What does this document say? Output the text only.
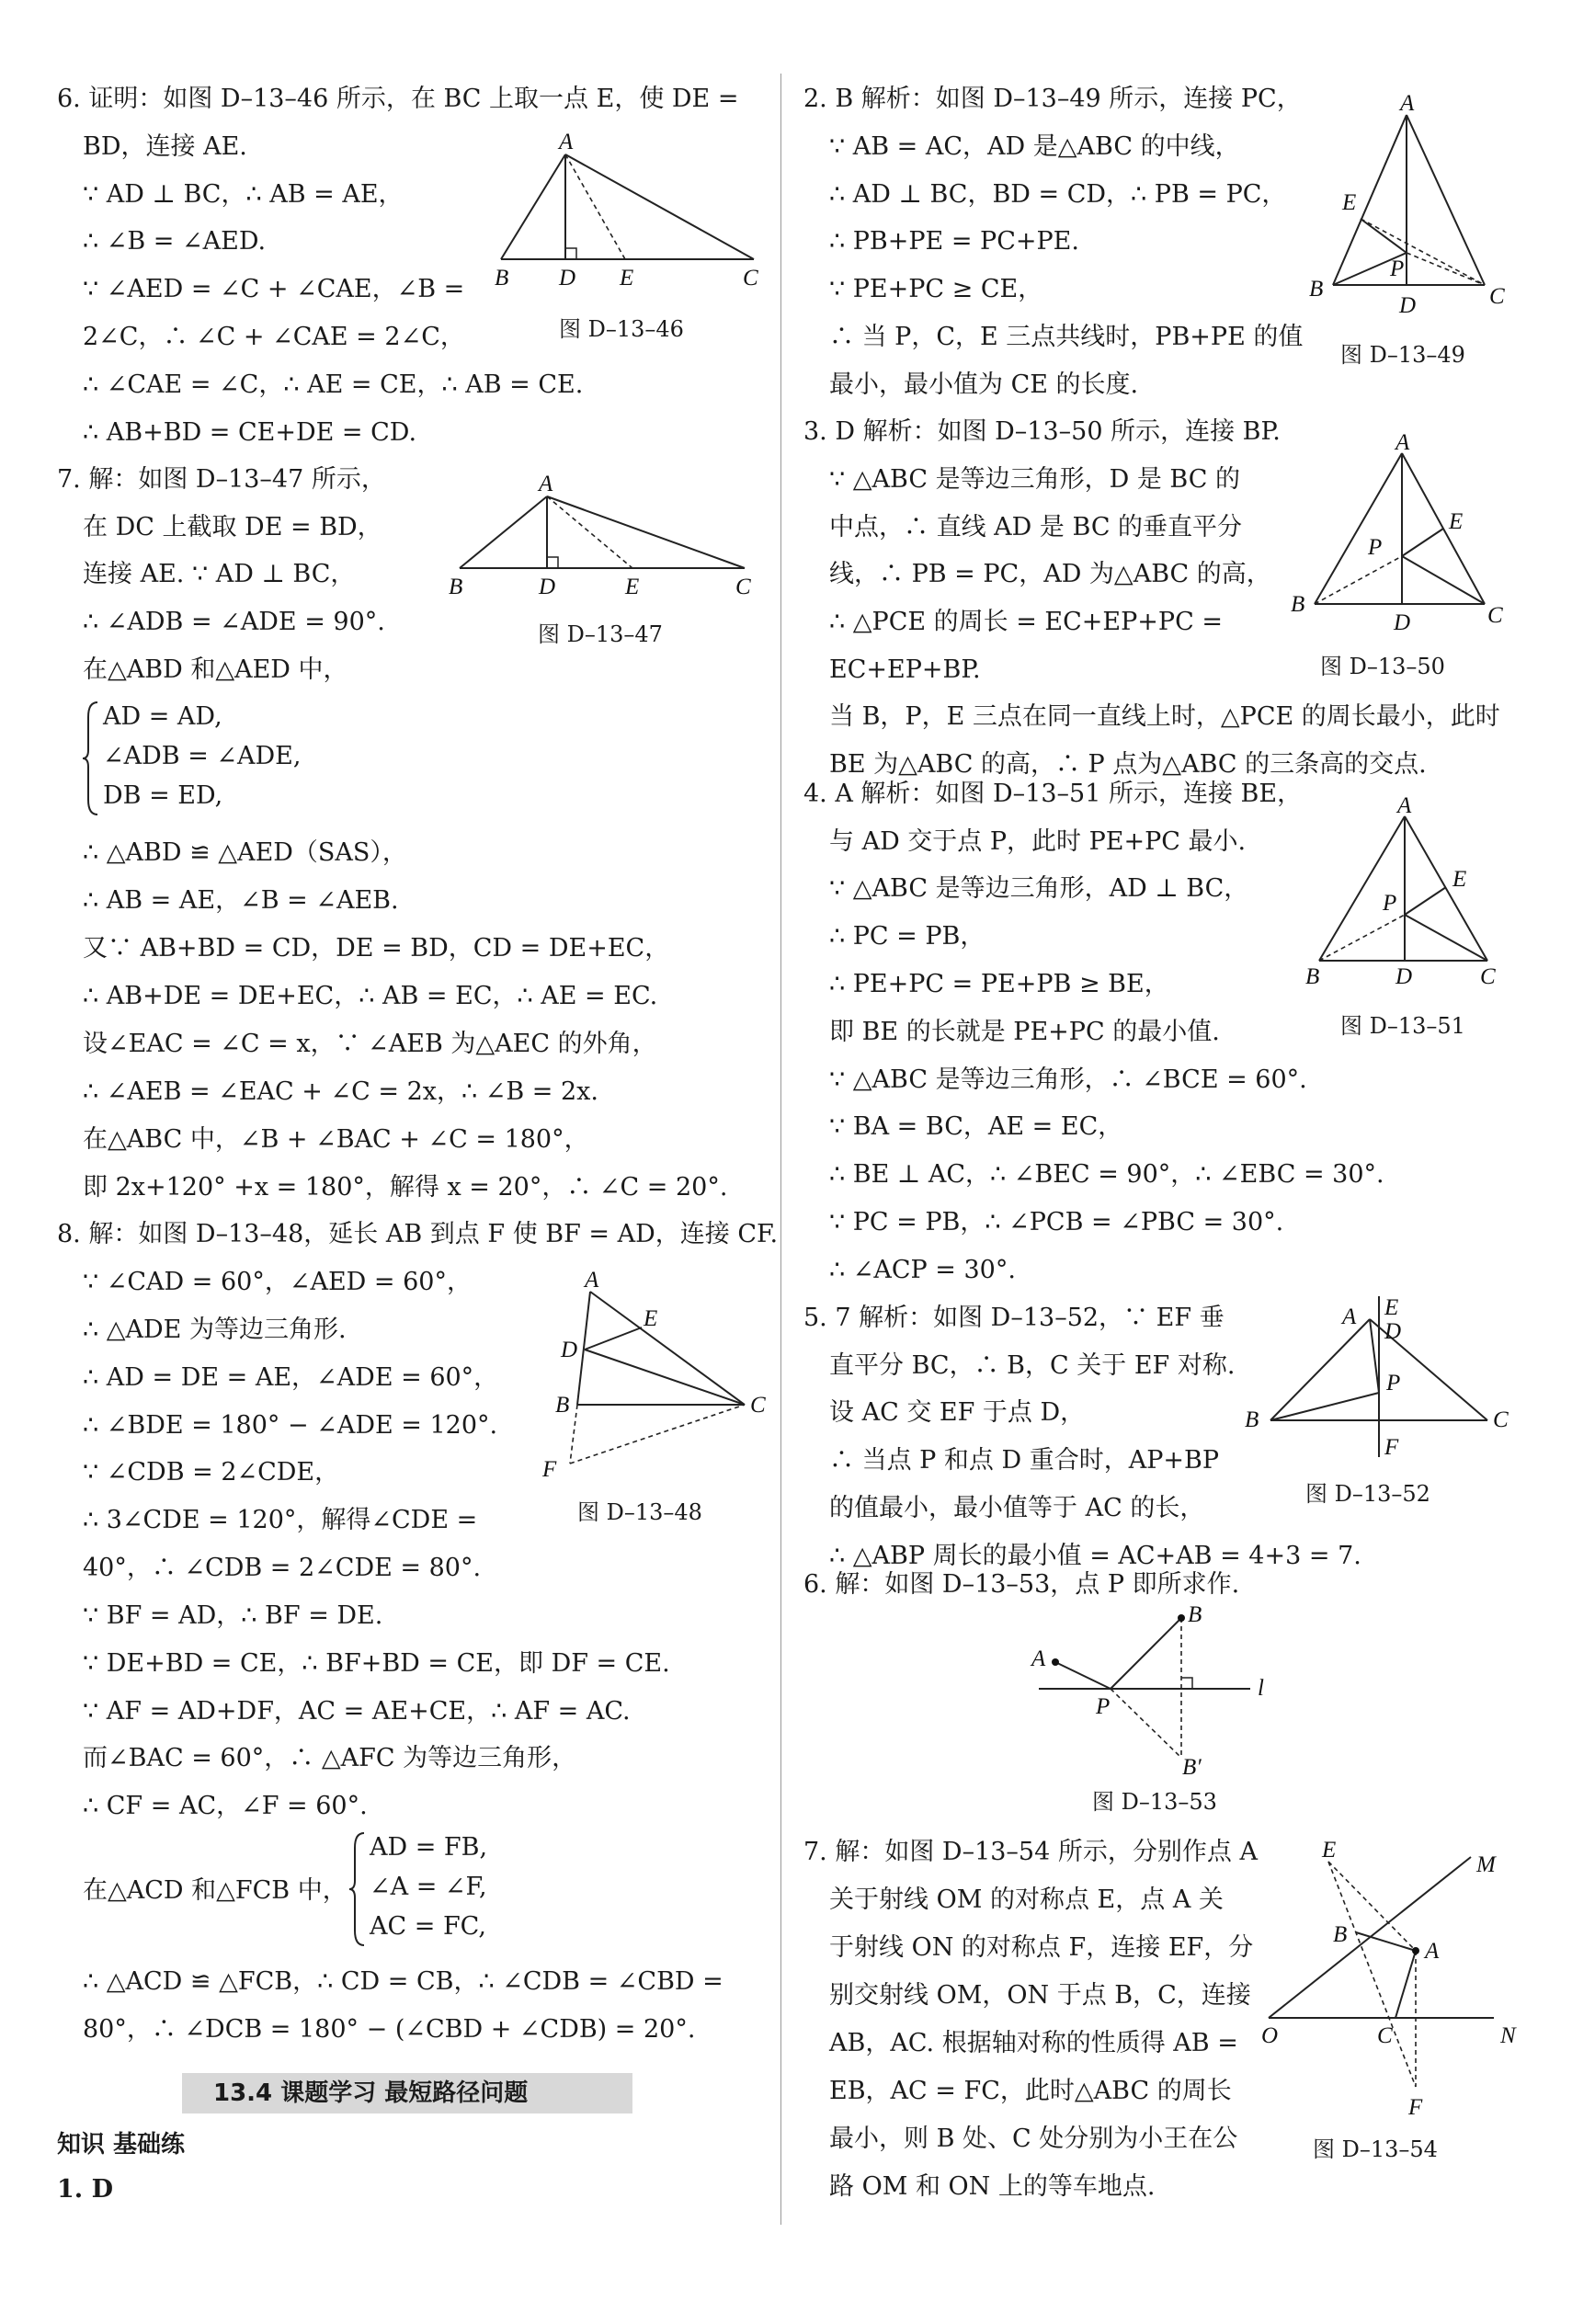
6. 证明：如图 D–13–46 所示，在 BC 上取一点 E，使 DE =
BD，连接 AE.
∵ AD ⊥ BC，∴ AB = AE，
∴ ∠B = ∠AED.
∵ ∠AED = ∠C + ∠CAE，∠B =
2∠C，∴ ∠C + ∠CAE = 2∠C，
∴ ∠CAE = ∠C，∴ AE = CE，∴ AB = CE.
∴ AB+BD = CE+DE = CD.
A
B D E	C
图 D–13–46
7. 解：如图 D–13–47 所示，
在 DC 上截取 DE = BD，
连接 AE. ∵ AD ⊥ BC，
∴ ∠ADB = ∠ADE = 90°.
在△ABD 和△AED 中，
AD = AD,
∠ADB = ∠ADE,
DB = ED,
∴ △ABD ≌ △AED（SAS），
∴ AB = AE，∠B = ∠AEB.
又∵ AB+BD = CD，DE = BD，CD = DE+EC，
∴ AB+DE = DE+EC，∴ AB = EC，∴ AE = EC.
设∠EAC = ∠C = x，∵ ∠AEB 为△AEC 的外角，
∴ ∠AEB = ∠EAC + ∠C = 2x，∴ ∠B = 2x.
在△ABC 中，∠B + ∠BAC + ∠C = 180°，
即 2x+120° +x = 180°，解得 x = 20°，∴ ∠C = 20°.
A
B	D	E	C
图 D–13–47
8. 解：如图 D–13–48，延长 AB 到点 F 使 BF = AD，连接 CF.
∵ ∠CAD = 60°，∠AED = 60°，
∴ △ADE 为等边三角形.
∴ AD = DE = AE，∠ADE = 60°，
∴ ∠BDE = 180° − ∠ADE = 120°.
∵ ∠CDB = 2∠CDE，
∴ 3∠CDE = 120°，解得∠CDE =
40°，∴ ∠CDB = 2∠CDE = 80°.
∵ BF = AD，∴ BF = DE.
∵ DE+BD = CE，∴ BF+BD = CE，即 DF = CE.
∵ AF = AD+DF，AC = AE+CE，∴ AF = AC.
而∠BAC = 60°，∴ △AFC 为等边三角形，
∴ CF = AC，∠F = 60°.
在△ACD 和△FCB 中，
AD = FB,
∠A = ∠F,
AC = FC,
∴ △ACD ≌ △FCB，∴ CD = CB，∴ ∠CDB = ∠CBD =
80°，∴ ∠DCB = 180° − (∠CBD + ∠CDB) = 20°.
A
E
D
B	C
F
图 D–13–48
13.4 课题学习 最短路径问题
知识 基础练
1. D
2. B 解析：如图 D–13–49 所示，连接 PC，
∵ AB = AC，AD 是△ABC 的中线，
∴ AD ⊥ BC，BD = CD，∴ PB = PC，
∴ PB+PE = PC+PE.
∵ PE+PC ≥ CE，
∴ 当 P，C，E 三点共线时，PB+PE 的值
最小，最小值为 CE 的长度.
A
E
P
B
D	C
图 D–13–49
3. D 解析：如图 D–13–50 所示，连接 BP.
∵ △ABC 是等边三角形，D 是 BC 的
中点，∴ 直线 AD 是 BC 的垂直平分
线，∴ PB = PC，AD 为△ABC 的高，
∴ △PCE 的周长 = EC+EP+PC =
EC+EP+BP.
当 B，P，E 三点在同一直线上时，△PCE 的周长最小，此时
BE 为△ABC 的高，∴ P 点为△ABC 的三条高的交点.
A
E
P
B
D	C
图 D–13–50
4. A 解析：如图 D–13–51 所示，连接 BE，
与 AD 交于点 P，此时 PE+PC 最小.
∵ △ABC 是等边三角形，AD ⊥ BC，
∴ PC = PB，
∴ PE+PC = PE+PB ≥ BE，
即 BE 的长就是 PE+PC 的最小值.
∵ △ABC 是等边三角形，∴ ∠BCE = 60°.
∵ BA = BC，AE = EC，
∴ BE ⊥ AC，∴ ∠BEC = 90°，∴ ∠EBC = 30°.
∵ PC = PB，∴ ∠PCB = ∠PBC = 30°.
∴ ∠ACP = 30°.
A
E
P
B	D	C
图 D–13–51
5. 7 解析：如图 D–13–52，∵ EF 垂
直平分 BC，∴ B，C 关于 EF 对称.
设 AC 交 EF 于点 D，
∴ 当点 P 和点 D 重合时，AP+BP
的值最小，最小值等于 AC 的长，
∴ △ABP 周长的最小值 = AC+AB = 4+3 = 7.
A E
D
P
B	C
F
图 D–13–52
6. 解：如图 D–13–53，点 P 即所求作.
A
B
P
l
B′
图 D–13–53
7. 解：如图 D–13–54 所示，分别作点 A
关于射线 OM 的对称点 E，点 A 关
于射线 ON 的对称点 F，连接 EF，分
别交射线 OM，ON 于点 B，C，连接
AB，AC. 根据轴对称的性质得 AB =
EB，AC = FC，此时△ABC 的周长
最小，则 B 处、C 处分别为小王在公
路 OM 和 ON 上的等车地点.
E
M
B
A
O	C	N
F
图 D–13–54
